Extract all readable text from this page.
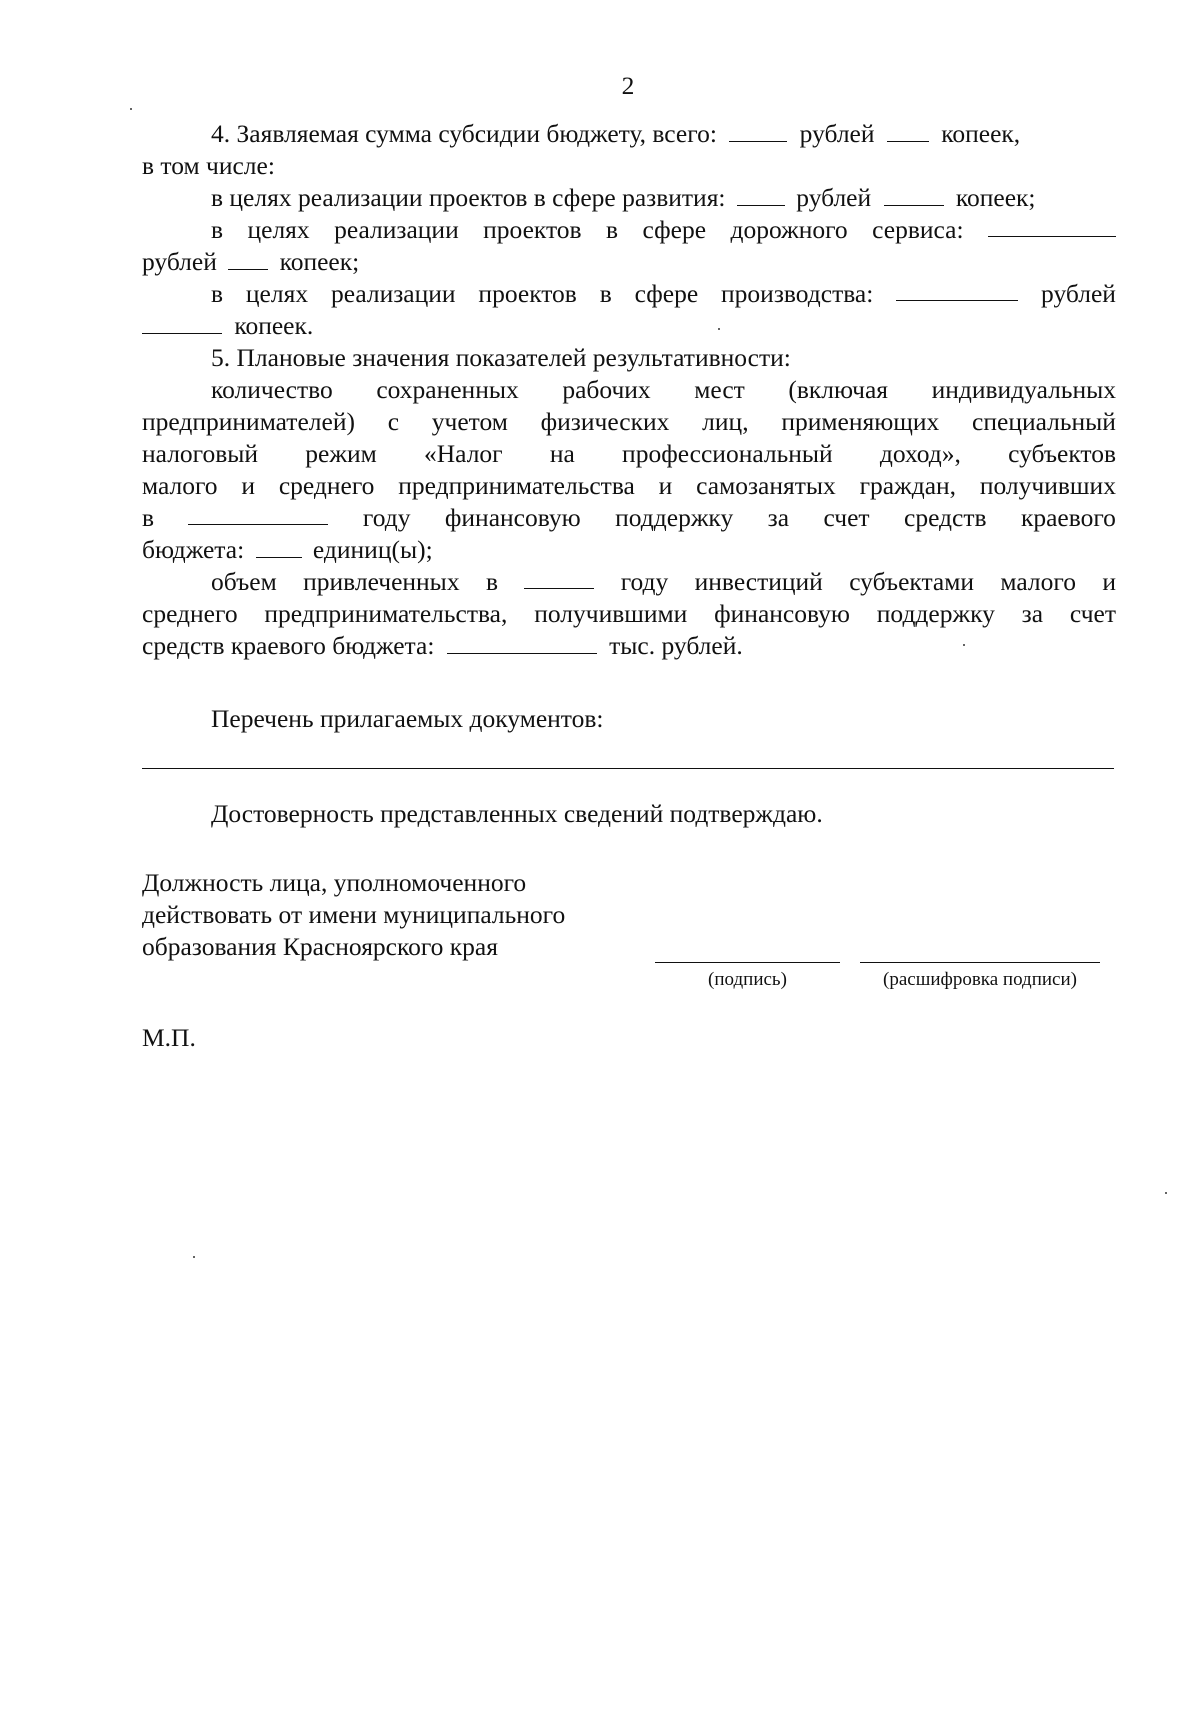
2
4. Заявляемая сумма субсидии бюджету, всего:	рублей	копеек,
в том числе:
в целях реализации проектов в сфере развития:	рублей	копеек;
в целях реализации проектов в сфере дорожного сервиса:
рублей копеек;
в целях реализации проектов в сфере производства:	рублей
копеек.
5. Плановые значения показателей результативности:
количество сохраненных рабочих мест (включая индивидуальных
предпринимателей) с учетом физических лиц, применяющих специальный
налоговый режим «Налог на профессиональный доход», субъектов
малого и среднего предпринимательства и самозанятых граждан, получивших
в	году финансовую поддержку за счет средств краевого
бюджета:	единиц(ы);
объем привлеченных в	году инвестиций субъектами малого и
среднего предпринимательства, получившими финансовую поддержку за счет
средств краевого бюджета:	тыс. рублей.
Перечень прилагаемых документов:
Достоверность представленных сведений подтверждаю.
Должность лица, уполномоченного
действовать от имени муниципального
образования Красноярского края
(подпись)	(расшифровка подписи)
М.П.
